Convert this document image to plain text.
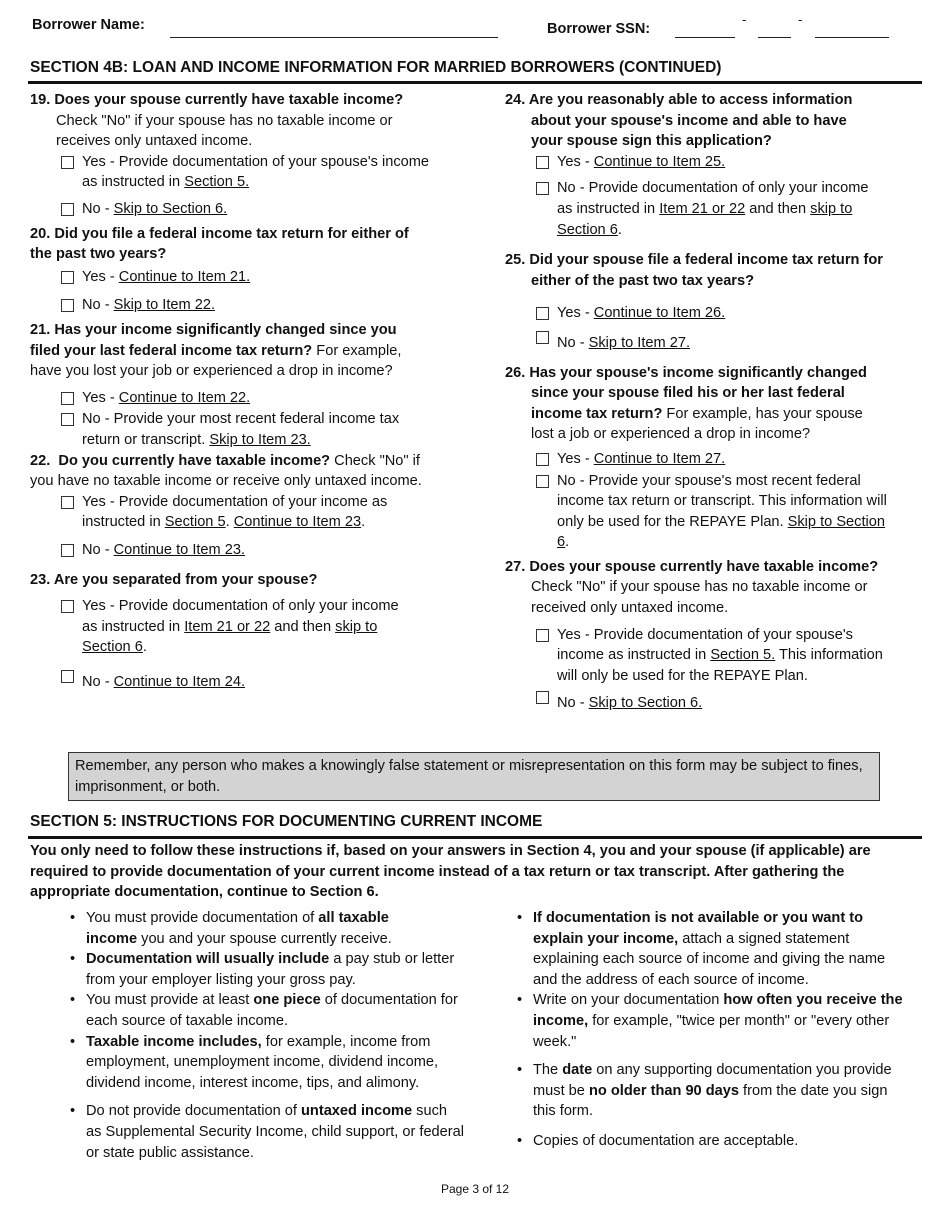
Borrower Name:	Borrower SSN:
-	-
SECTION 4B: LOAN AND INCOME INFORMATION FOR MARRIED BORROWERS (CONTINUED)

19. Does your spouse currently have taxable income?

Check "No" if your spouse has no taxable income or receives only untaxed income.
Yes - Provide documentation of your spouse's income as instructed in Section 5.
No - Skip to Section 6.

20. Did you file a federal income tax return for either of the past two years?

Yes - Continue to Item 21.
No - Skip to Item 22.

21. Has your income significantly changed since you filed your last federal income tax return? For example, have you lost your job or experienced a drop in income?

Yes - Continue to Item 22.
No - Provide your most recent federal income tax return or transcript. Skip to Item 23.

22. Do you currently have taxable income? Check "No" if you have no taxable income or receive only untaxed income.

Yes - Provide documentation of your income as instructed in Section 5. Continue to Item 23.
No - Continue to Item 23.

23. Are you separated from your spouse?

Yes - Provide documentation of only your income as instructed in Item 21 or 22 and then skip to Section 6.
No - Continue to Item 24.

24. Are you reasonably able to access information about your spouse's income and able to have your spouse sign this application?

Yes - Continue to Item 25.
No - Provide documentation of only your income as instructed in Item 21 or 22 and then skip to Section 6.

25. Did your spouse file a federal income tax return for either of the past two tax years?

Yes - Continue to Item 26.
No - Skip to Item 27.

26. Has your spouse's income significantly changed since your spouse filed his or her last federal income tax return? For example, has your spouse lost a job or experienced a drop in income?

Yes - Continue to Item 27.
No - Provide your spouse's most recent federal income tax return or transcript. This information will only be used for the REPAYE Plan. Skip to Section 6.

27. Does your spouse currently have taxable income?

Check "No" if your spouse has no taxable income or received only untaxed income.
Yes - Provide documentation of your spouse's income as instructed in Section 5. This information will only be used for the REPAYE Plan.
No - Skip to Section 6.
Remember, any person who makes a knowingly false statement or misrepresentation on this form may be subject to fines, imprisonment, or both.
SECTION 5: INSTRUCTIONS FOR DOCUMENTING CURRENT INCOME
You only need to follow these instructions if, based on your answers in Section 4, you and your spouse (if applicable) are required to provide documentation of your current income instead of a tax return or tax transcript. After gathering the appropriate documentation, continue to Section 6.
• You must provide documentation of all taxable income you and your spouse currently receive.
• Documentation will usually include a pay stub or letter from your employer listing your gross pay.
• You must provide at least one piece of documentation for each source of taxable income.
• Taxable income includes, for example, income from employment, unemployment income, dividend income, dividend income, interest income, tips, and alimony.
• Do not provide documentation of untaxed income such as Supplemental Security Income, child support, or federal or state public assistance.
• If documentation is not available or you want to explain your income, attach a signed statement explaining each source of income and giving the name and the address of each source of income.
• Write on your documentation how often you receive the income, for example, "twice per month" or "every other week."
• The date on any supporting documentation you provide must be no older than 90 days from the date you sign this form.
• Copies of documentation are acceptable.
Page 3 of 12
